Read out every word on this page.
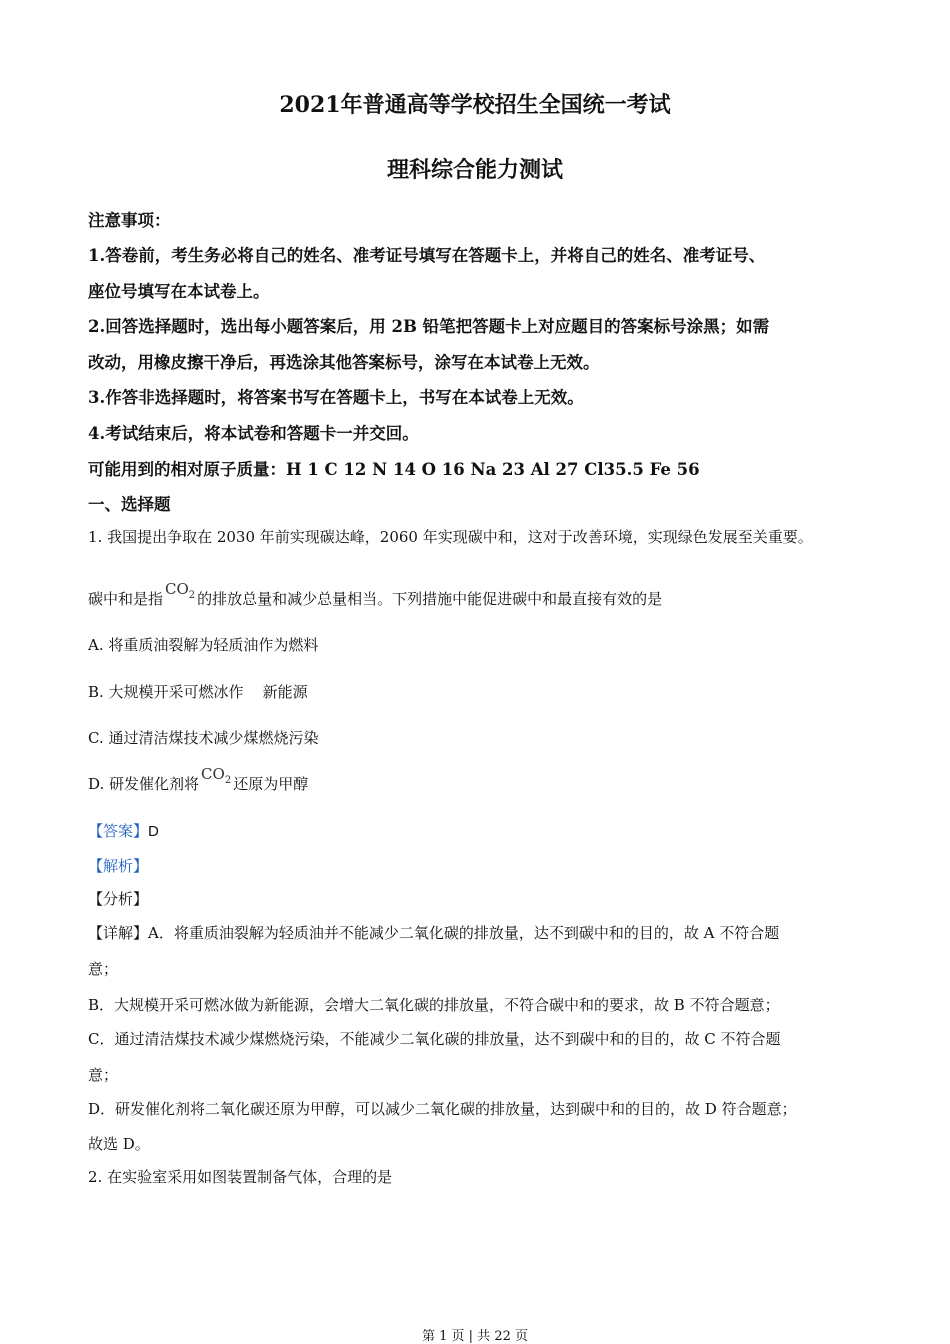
2021年普通高等学校招生全国统一考试
理科综合能力测试
注意事项：
1.答卷前，考生务必将自己的姓名、准考证号填写在答题卡上，并将自己的姓名、准考证号、
座位号填写在本试卷上。
2.回答选择题时，选出每小题答案后，用 2B 铅笔把答题卡上对应题目的答案标号涂黑；如需
改动，用橡皮擦干净后，再选涂其他答案标号，涂写在本试卷上无效。
3.作答非选择题时，将答案书写在答题卡上，书写在本试卷上无效。
4.考试结束后，将本试卷和答题卡一并交回。
可能用到的相对原子质量：H 1 C 12 N 14 O 16 Na 23 Al 27 Cl35.5 Fe 56
一、选择题
1. 我国提出争取在 2030 年前实现碳达峰，2060 年实现碳中和，这对于改善环境，实现绿色发展至关重要。
碳中和是指$CO_2$ 的排放总量和减少总量相当。下列措施中能促进碳中和最直接有效的是
A. 将重质油裂解为轻质油作为燃料
B. 大规模开采可燃冰作    新能源
C. 通过清洁煤技术减少煤燃烧污染
D. 研发催化剂将$CO_2$ 还原为甲醇
【答案】D
【解析】
【分析】
【详解】A．将重质油裂解为轻质油并不能减少二氧化碳的排放量，达不到碳中和的目的，故 A 不符合题
意；
B．大规模开采可燃冰做为新能源，会增大二氧化碳的排放量，不符合碳中和的要求，故 B 不符合题意；
C．通过清洁煤技术减少煤燃烧污染，不能减少二氧化碳的排放量，达不到碳中和的目的，故 C 不符合题
意；
D．研发催化剂将二氧化碳还原为甲醇，可以减少二氧化碳的排放量，达到碳中和的目的，故 D 符合题意；
故选 D。
2. 在实验室采用如图装置制备气体，合理的是
第 1 页 | 共 22 页
